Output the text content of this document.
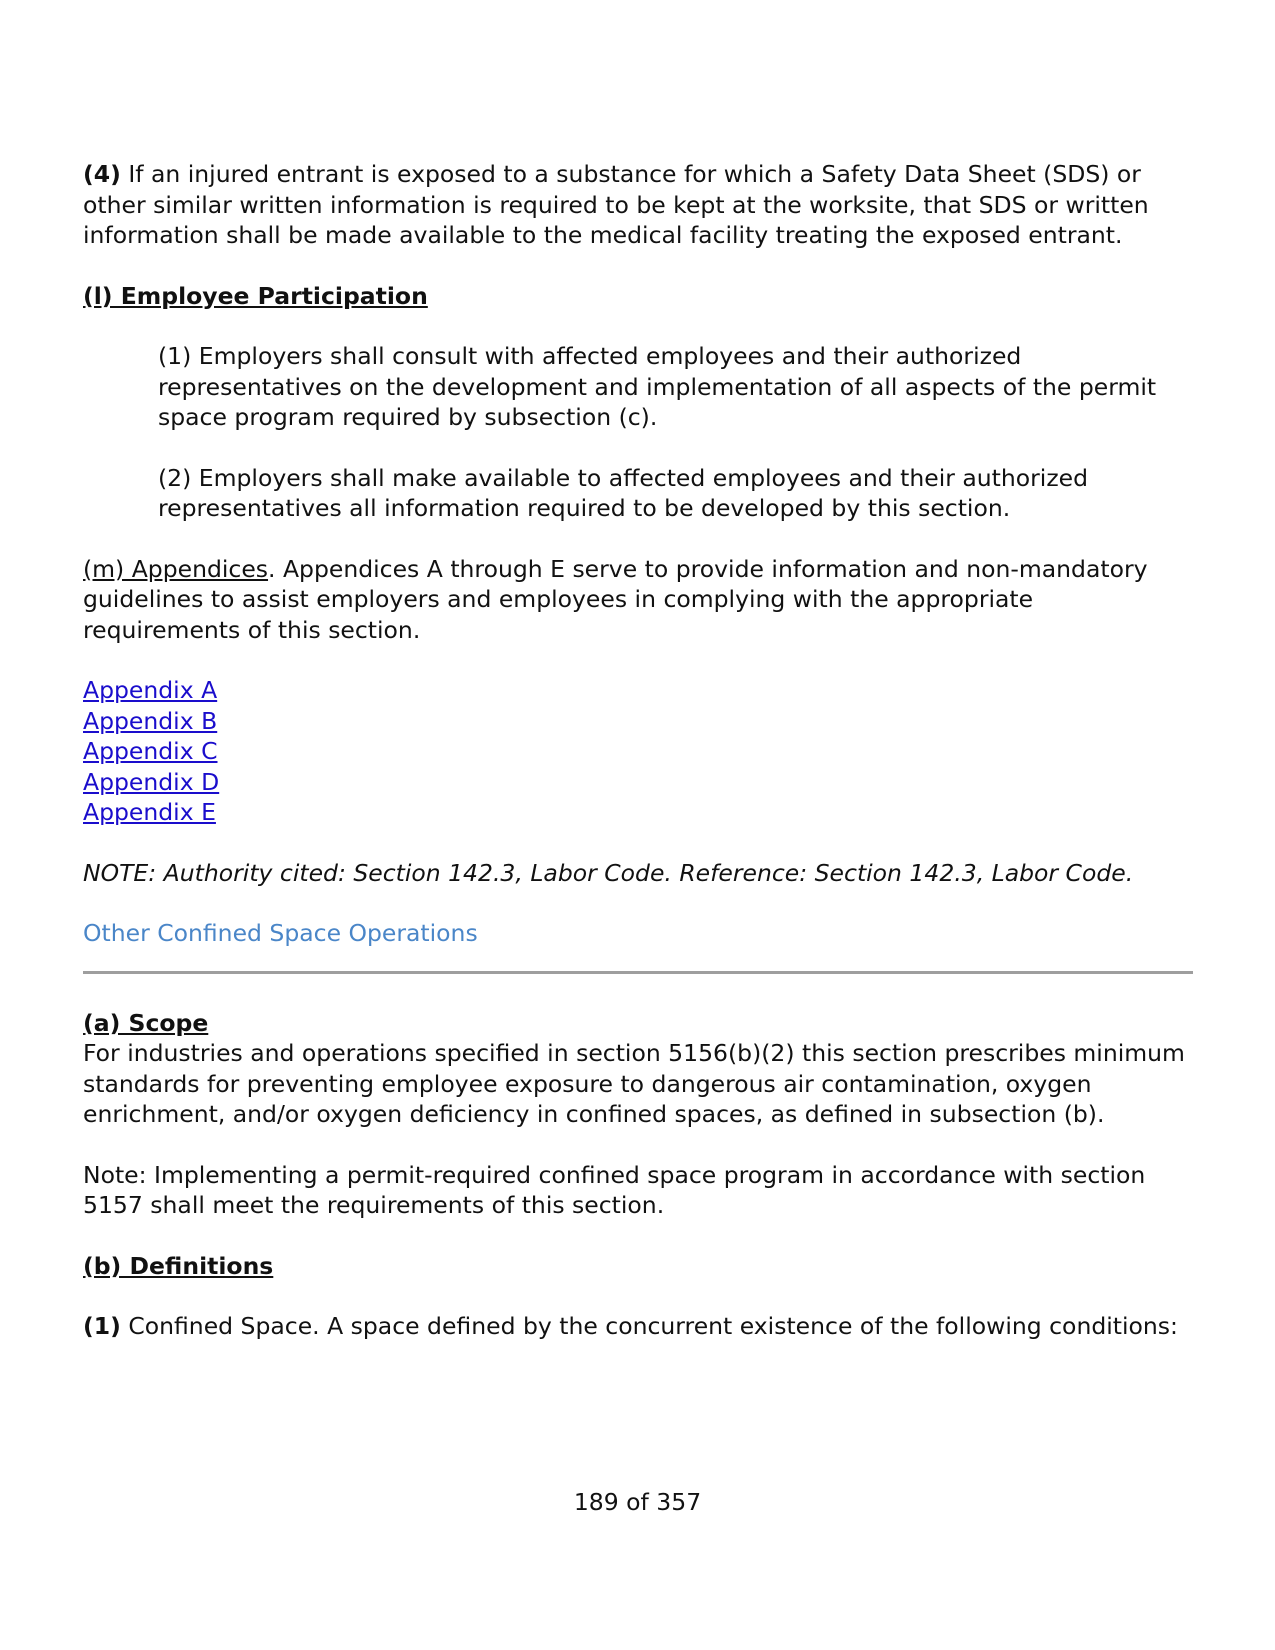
(4) If an injured entrant is exposed to a substance for which a Safety Data Sheet (SDS) or other similar written information is required to be kept at the worksite, that SDS or written information shall be made available to the medical facility treating the exposed entrant.

(l) Employee Participation

(1) Employers shall consult with affected employees and their authorized representatives on the development and implementation of all aspects of the permit space program required by subsection (c).

(2) Employers shall make available to affected employees and their authorized representatives all information required to be developed by this section.

(m) Appendices. Appendices A through E serve to provide information and non-mandatory guidelines to assist employers and employees in complying with the appropriate requirements of this section.

Appendix A
Appendix B
Appendix C
Appendix D
Appendix E

NOTE: Authority cited: Section 142.3, Labor Code. Reference: Section 142.3, Labor Code.

Other Confined Space Operations

(a) Scope

For industries and operations specified in section 5156(b)(2) this section prescribes minimum standards for preventing employee exposure to dangerous air contamination, oxygen enrichment, and/or oxygen deficiency in confined spaces, as defined in subsection (b).

Note: Implementing a permit-required confined space program in accordance with section 5157 shall meet the requirements of this section.

(b) Definitions

(1) Confined Space. A space defined by the concurrent existence of the following conditions:

189 of 357
